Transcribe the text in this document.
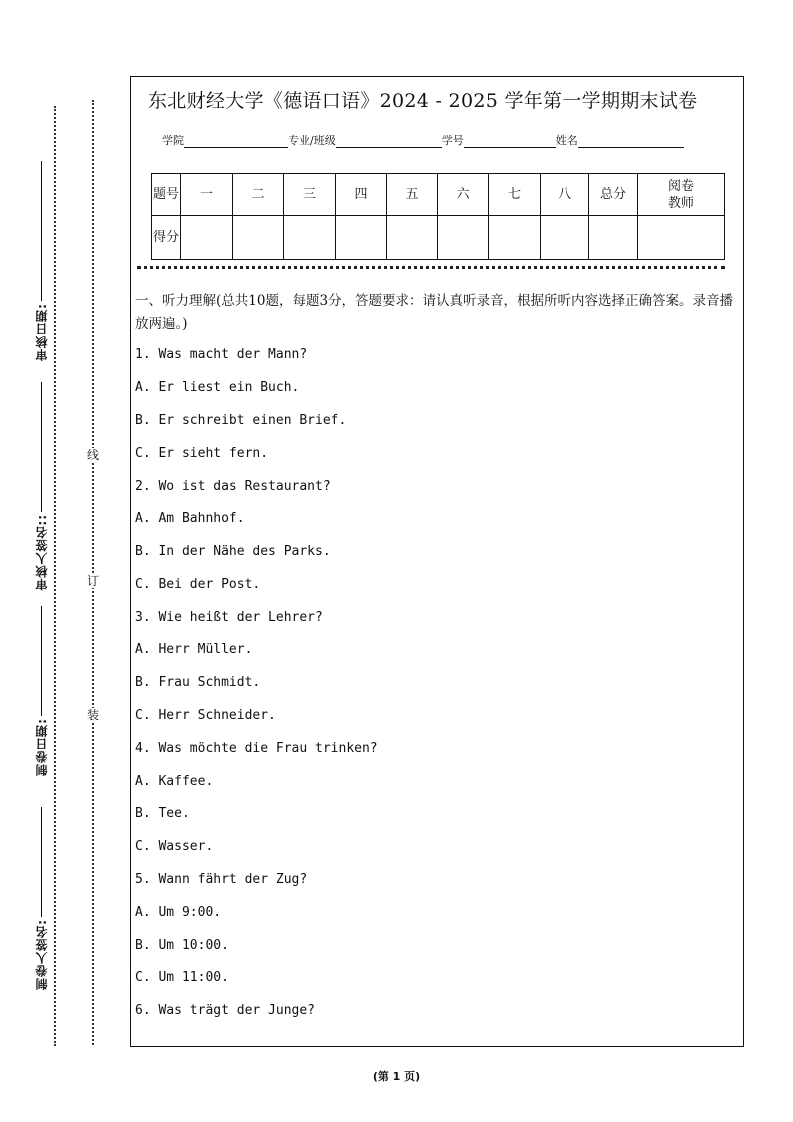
审核日期:
审核人签名::
制卷日期:
制卷人签名:
线
订
装
东北财经大学《德语口语》2024 - 2025 学年第一学期期末试卷
学院	专业/班级	学号	姓名
题号	一	二	三	四	五	六	七	八	总分	阅卷教师
得分										
一、听力理解(总共10题，每题3分，答题要求：请认真听录音，根据所听内容选择正确答案。录音播放两遍。)
1. Was macht der Mann?
A. Er liest ein Buch.
B. Er schreibt einen Brief.
C. Er sieht fern.
2. Wo ist das Restaurant?
A. Am Bahnhof.
B. In der Nähe des Parks.
C. Bei der Post.
3. Wie heißt der Lehrer?
A. Herr Müller.
B. Frau Schmidt.
C. Herr Schneider.
4. Was möchte die Frau trinken?
A. Kaffee.
B. Tee.
C. Wasser.
5. Wann fährt der Zug?
A. Um 9:00.
B. Um 10:00.
C. Um 11:00.
6. Was trägt der Junge?
(第 1 页)
